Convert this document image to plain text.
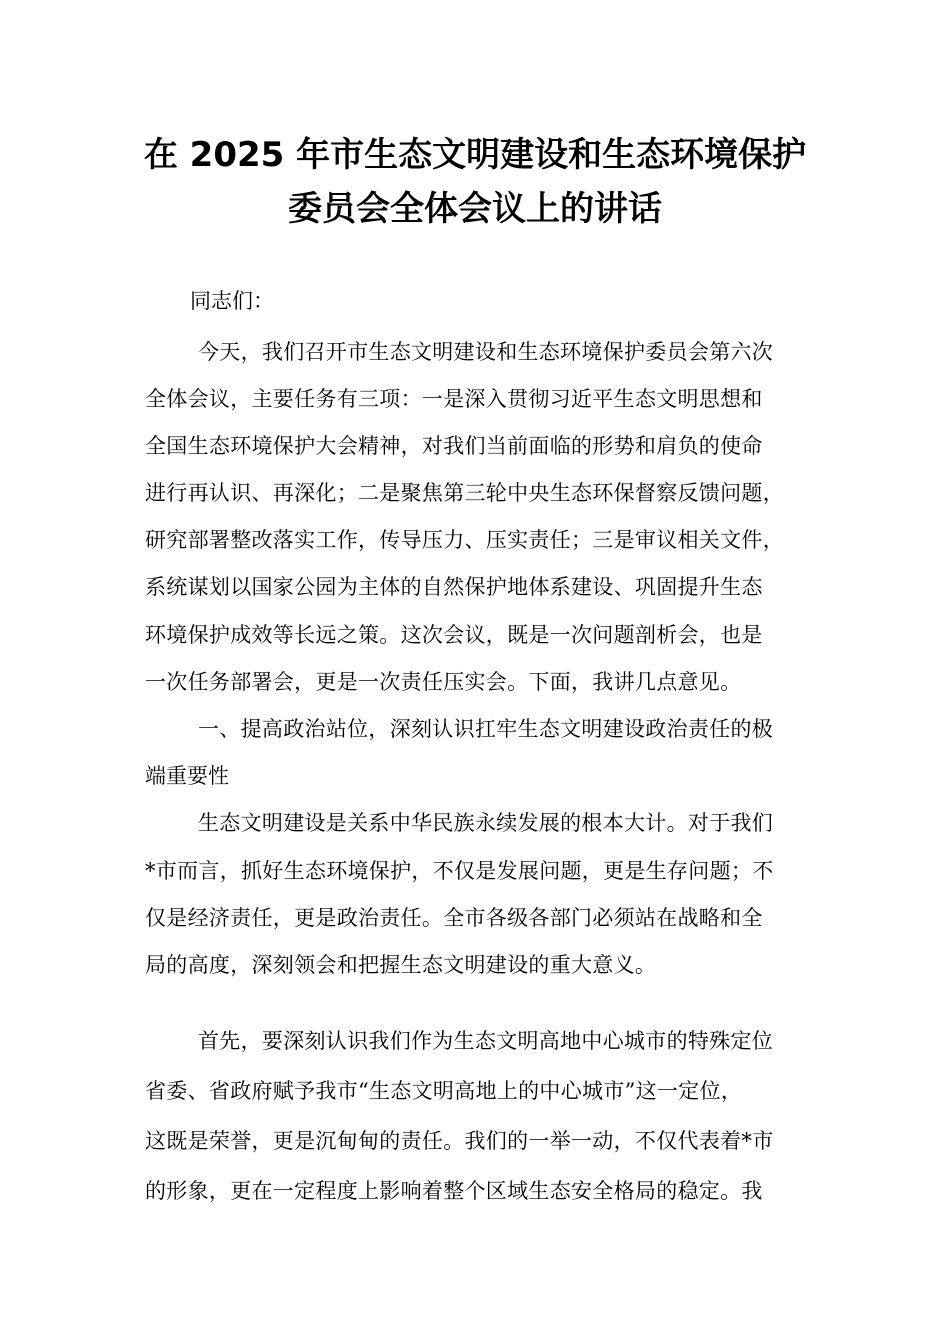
在 2025 年市生态文明建设和生态环境保护
委员会全体会议上的讲话

同志们：

今天，我们召开市生态文明建设和生态环境保护委员会第六次

全体会议，主要任务有三项：一是深入贯彻习近平生态文明思想和

全国生态环境保护大会精神，对我们当前面临的形势和肩负的使命

进行再认识、再深化；二是聚焦第三轮中央生态环保督察反馈问题，

研究部署整改落实工作，传导压力、压实责任；三是审议相关文件，

系统谋划以国家公园为主体的自然保护地体系建设、巩固提升生态

环境保护成效等长远之策。这次会议，既是一次问题剖析会，也是

一次任务部署会，更是一次责任压实会。下面，我讲几点意见。

一、提高政治站位，深刻认识扛牢生态文明建设政治责任的极

端重要性

生态文明建设是关系中华民族永续发展的根本大计。对于我们

*市而言，抓好生态环境保护，不仅是发展问题，更是生存问题；不

仅是经济责任，更是政治责任。全市各级各部门必须站在战略和全

局的高度，深刻领会和把握生态文明建设的重大意义。

首先，要深刻认识我们作为生态文明高地中心城市的特殊定位

省委、省政府赋予我市“生态文明高地上的中心城市”这一定位，

这既是荣誉，更是沉甸甸的责任。我们的一举一动，不仅代表着*市

的形象，更在一定程度上影响着整个区域生态安全格局的稳定。我
